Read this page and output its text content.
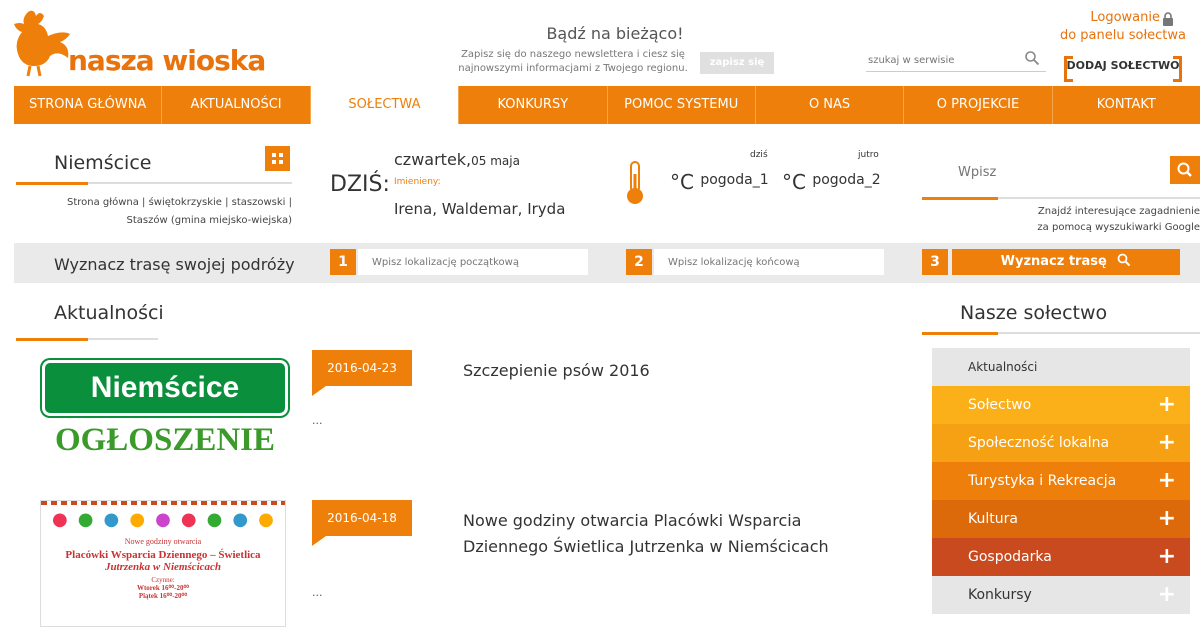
nasza wioska
Bądź na bieżąco!
Zapisz się do naszego newslettera i ciesz się
najnowszymi informacjami z Twojego regionu.
zapisz się
szukaj w serwisie
Logowanie
do panelu sołectwa
DODAJ SOŁECTWO
STRONA GŁÓWNA	AKTUALNOŚCI	SOŁECTWA	KONKURSY	POMOC SYSTEMU	O NAS	O PROJEKCIE	KONTAKT
Niemścice
Strona główna | świętokrzyskie | staszowski |
Staszów (gmina miejsko-wiejska)
DZIŚ:
czwartek,05 maja
Imienieny:
Irena, Waldemar, Iryda
dziś	jutro
°C $^{pogoda\_1}$ °C $^{pogoda\_2}$
Wpisz
Znajdź interesujące zagadnienie
za pomocą wyszukiwarki Google
Wyznacz trasę swojej podróży	1
Wpisz lokalizację początkową	2
Wpisz lokalizację końcową	3	Wyznacz trasę
Aktualności
Niemścice
OGŁOSZENIE
2016-04-23	Szczepienie psów 2016
...
● ● ● ● ● ● ● ● ●
Nowe godziny otwarcia
Placówki Wsparcia Dziennego – Świetlica
Jutrzenka w Niemścicach
Czynne:
Wtorek 16⁰⁰-20⁰⁰
Piątek 16⁰⁰-20⁰⁰
2016-04-18	Nowe godziny otwarcia Placówki Wsparcia
Dziennego Świetlica Jutrzenka w Niemścicach
...
Nasze sołectwo
Aktualności
Sołectwo	+
Społeczność lokalna +
Turystyka i Rekreacja +
Kultura	+
Gospodarka	+
Konkursy	+
